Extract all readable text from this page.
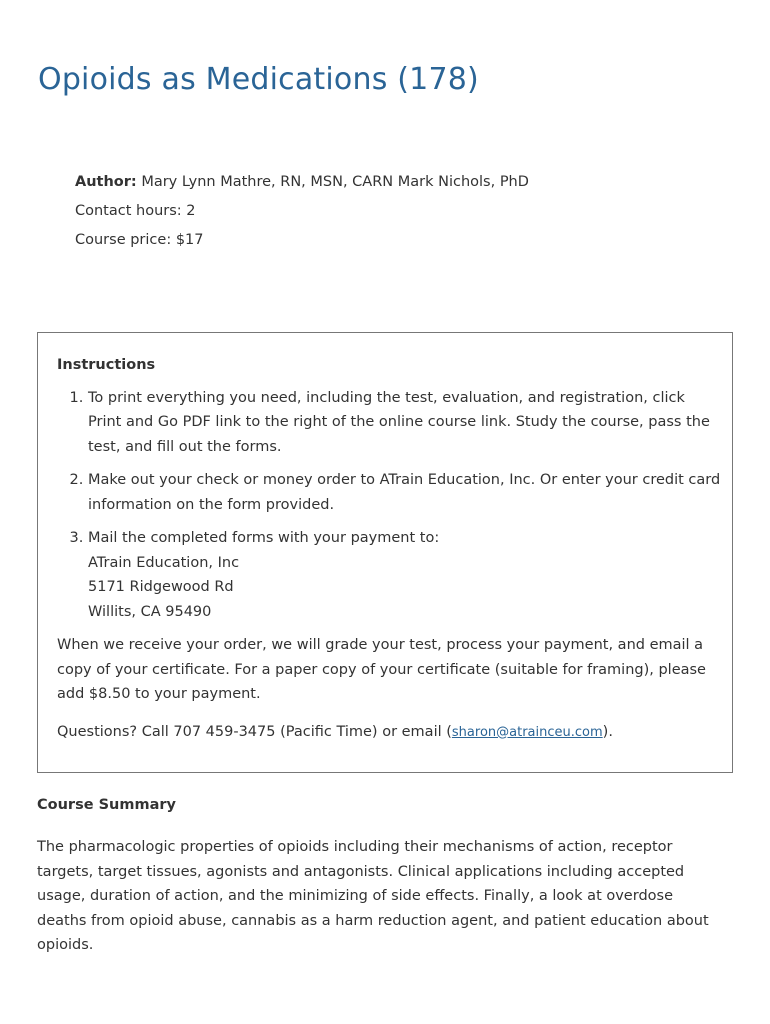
Opioids as Medications (178)
Author: Mary Lynn Mathre, RN, MSN, CARN Mark Nichols, PhD
Contact hours: 2
Course price: $17
Instructions
1. To print everything you need, including the test, evaluation, and registration, click Print and Go PDF link to the right of the online course link. Study the course, pass the test, and fill out the forms.
2. Make out your check or money order to ATrain Education, Inc. Or enter your credit card information on the form provided.
3. Mail the completed forms with your payment to:
ATrain Education, Inc
5171 Ridgewood Rd
Willits, CA 95490

When we receive your order, we will grade your test, process your payment, and email a copy of your certificate. For a paper copy of your certificate (suitable for framing), please add $8.50 to your payment.

Questions? Call 707 459-3475 (Pacific Time) or email (sharon@atrainceu.com).

Course Summary
The pharmacologic properties of opioids including their mechanisms of action, receptor targets, target tissues, agonists and antagonists. Clinical applications including accepted usage, duration of action, and the minimizing of side effects. Finally, a look at overdose deaths from opioid abuse, cannabis as a harm reduction agent, and patient education about opioids.
